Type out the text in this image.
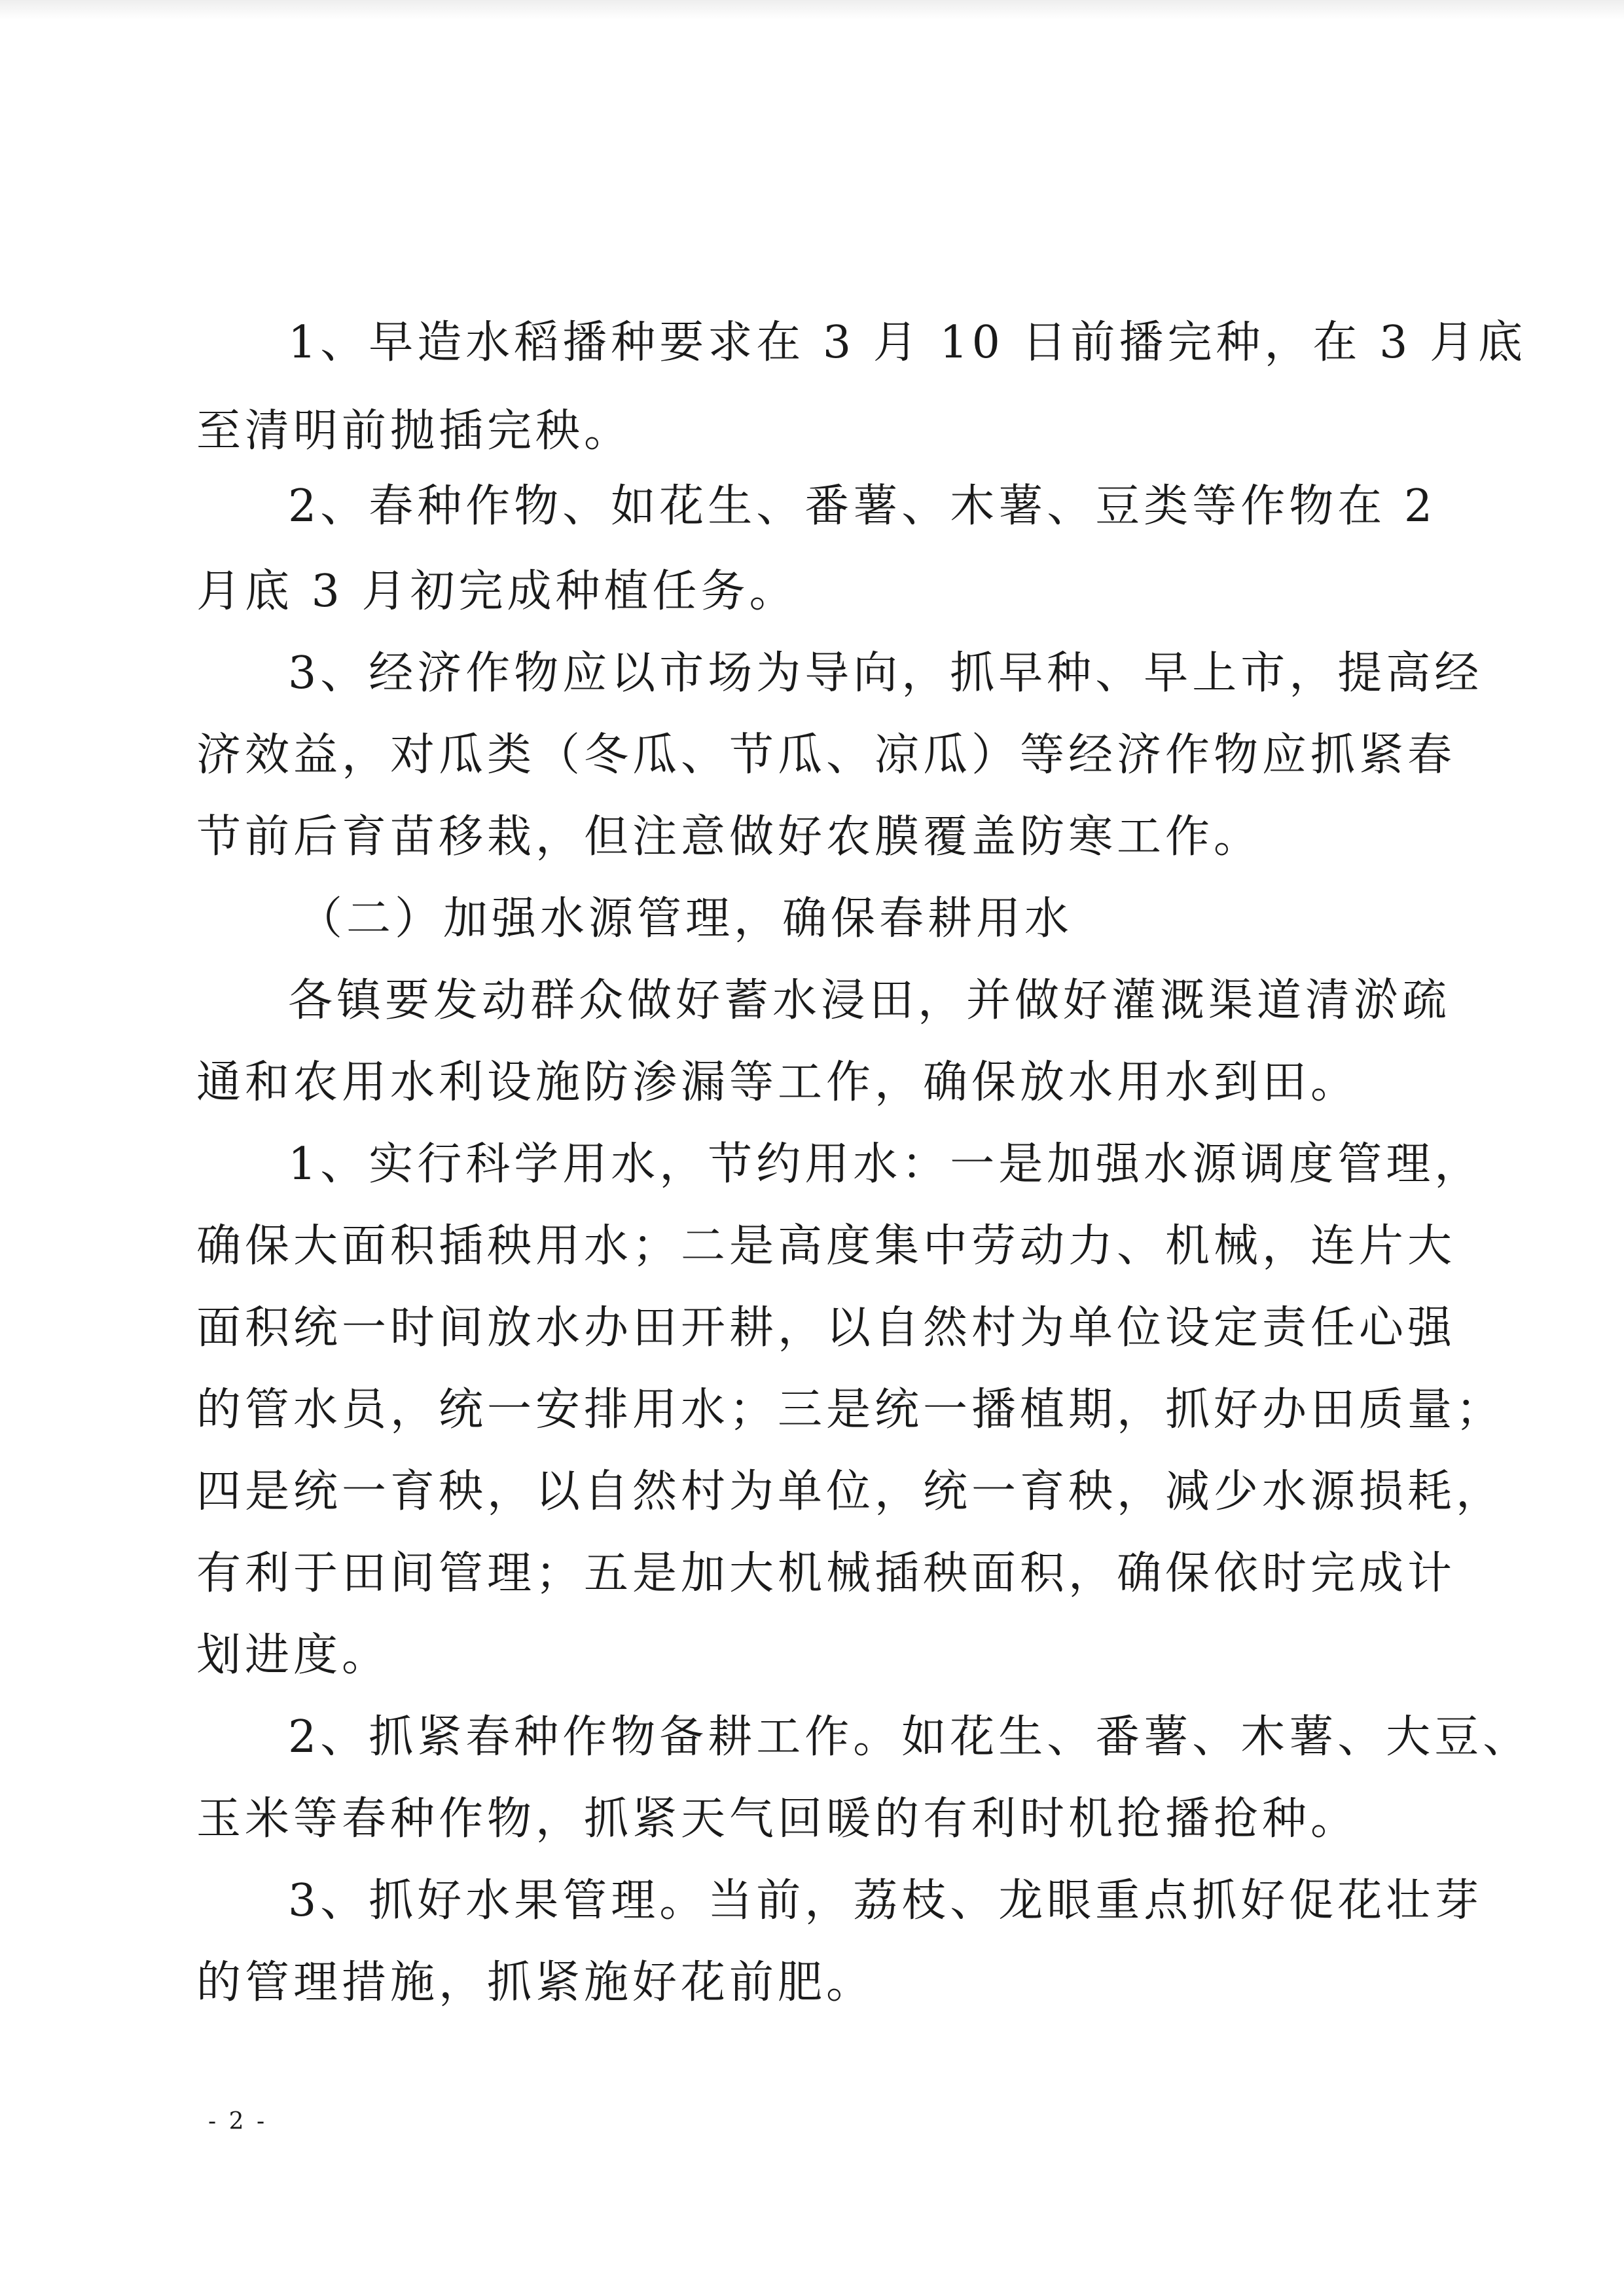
1、早造水稻播种要求在 3 月 10 日前播完种，在 3 月底
至清明前抛插完秧。
2、春种作物、如花生、番薯、木薯、豆类等作物在 2
月底 3 月初完成种植任务。
3、经济作物应以市场为导向，抓早种、早上市，提高经
济效益，对瓜类（冬瓜、节瓜、凉瓜）等经济作物应抓紧春
节前后育苗移栽，但注意做好农膜覆盖防寒工作。
（二）加强水源管理，确保春耕用水
各镇要发动群众做好蓄水浸田，并做好灌溉渠道清淤疏
通和农用水利设施防渗漏等工作，确保放水用水到田。
1、实行科学用水，节约用水：一是加强水源调度管理，
确保大面积插秧用水；二是高度集中劳动力、机械，连片大
面积统一时间放水办田开耕，以自然村为单位设定责任心强
的管水员，统一安排用水；三是统一播植期，抓好办田质量；
四是统一育秧，以自然村为单位，统一育秧，减少水源损耗，
有利于田间管理；五是加大机械插秧面积，确保依时完成计
划进度。
2、抓紧春种作物备耕工作。如花生、番薯、木薯、大豆、
玉米等春种作物，抓紧天气回暖的有利时机抢播抢种。
3、抓好水果管理。当前，荔枝、龙眼重点抓好促花壮芽
的管理措施，抓紧施好花前肥。
- 2 -
